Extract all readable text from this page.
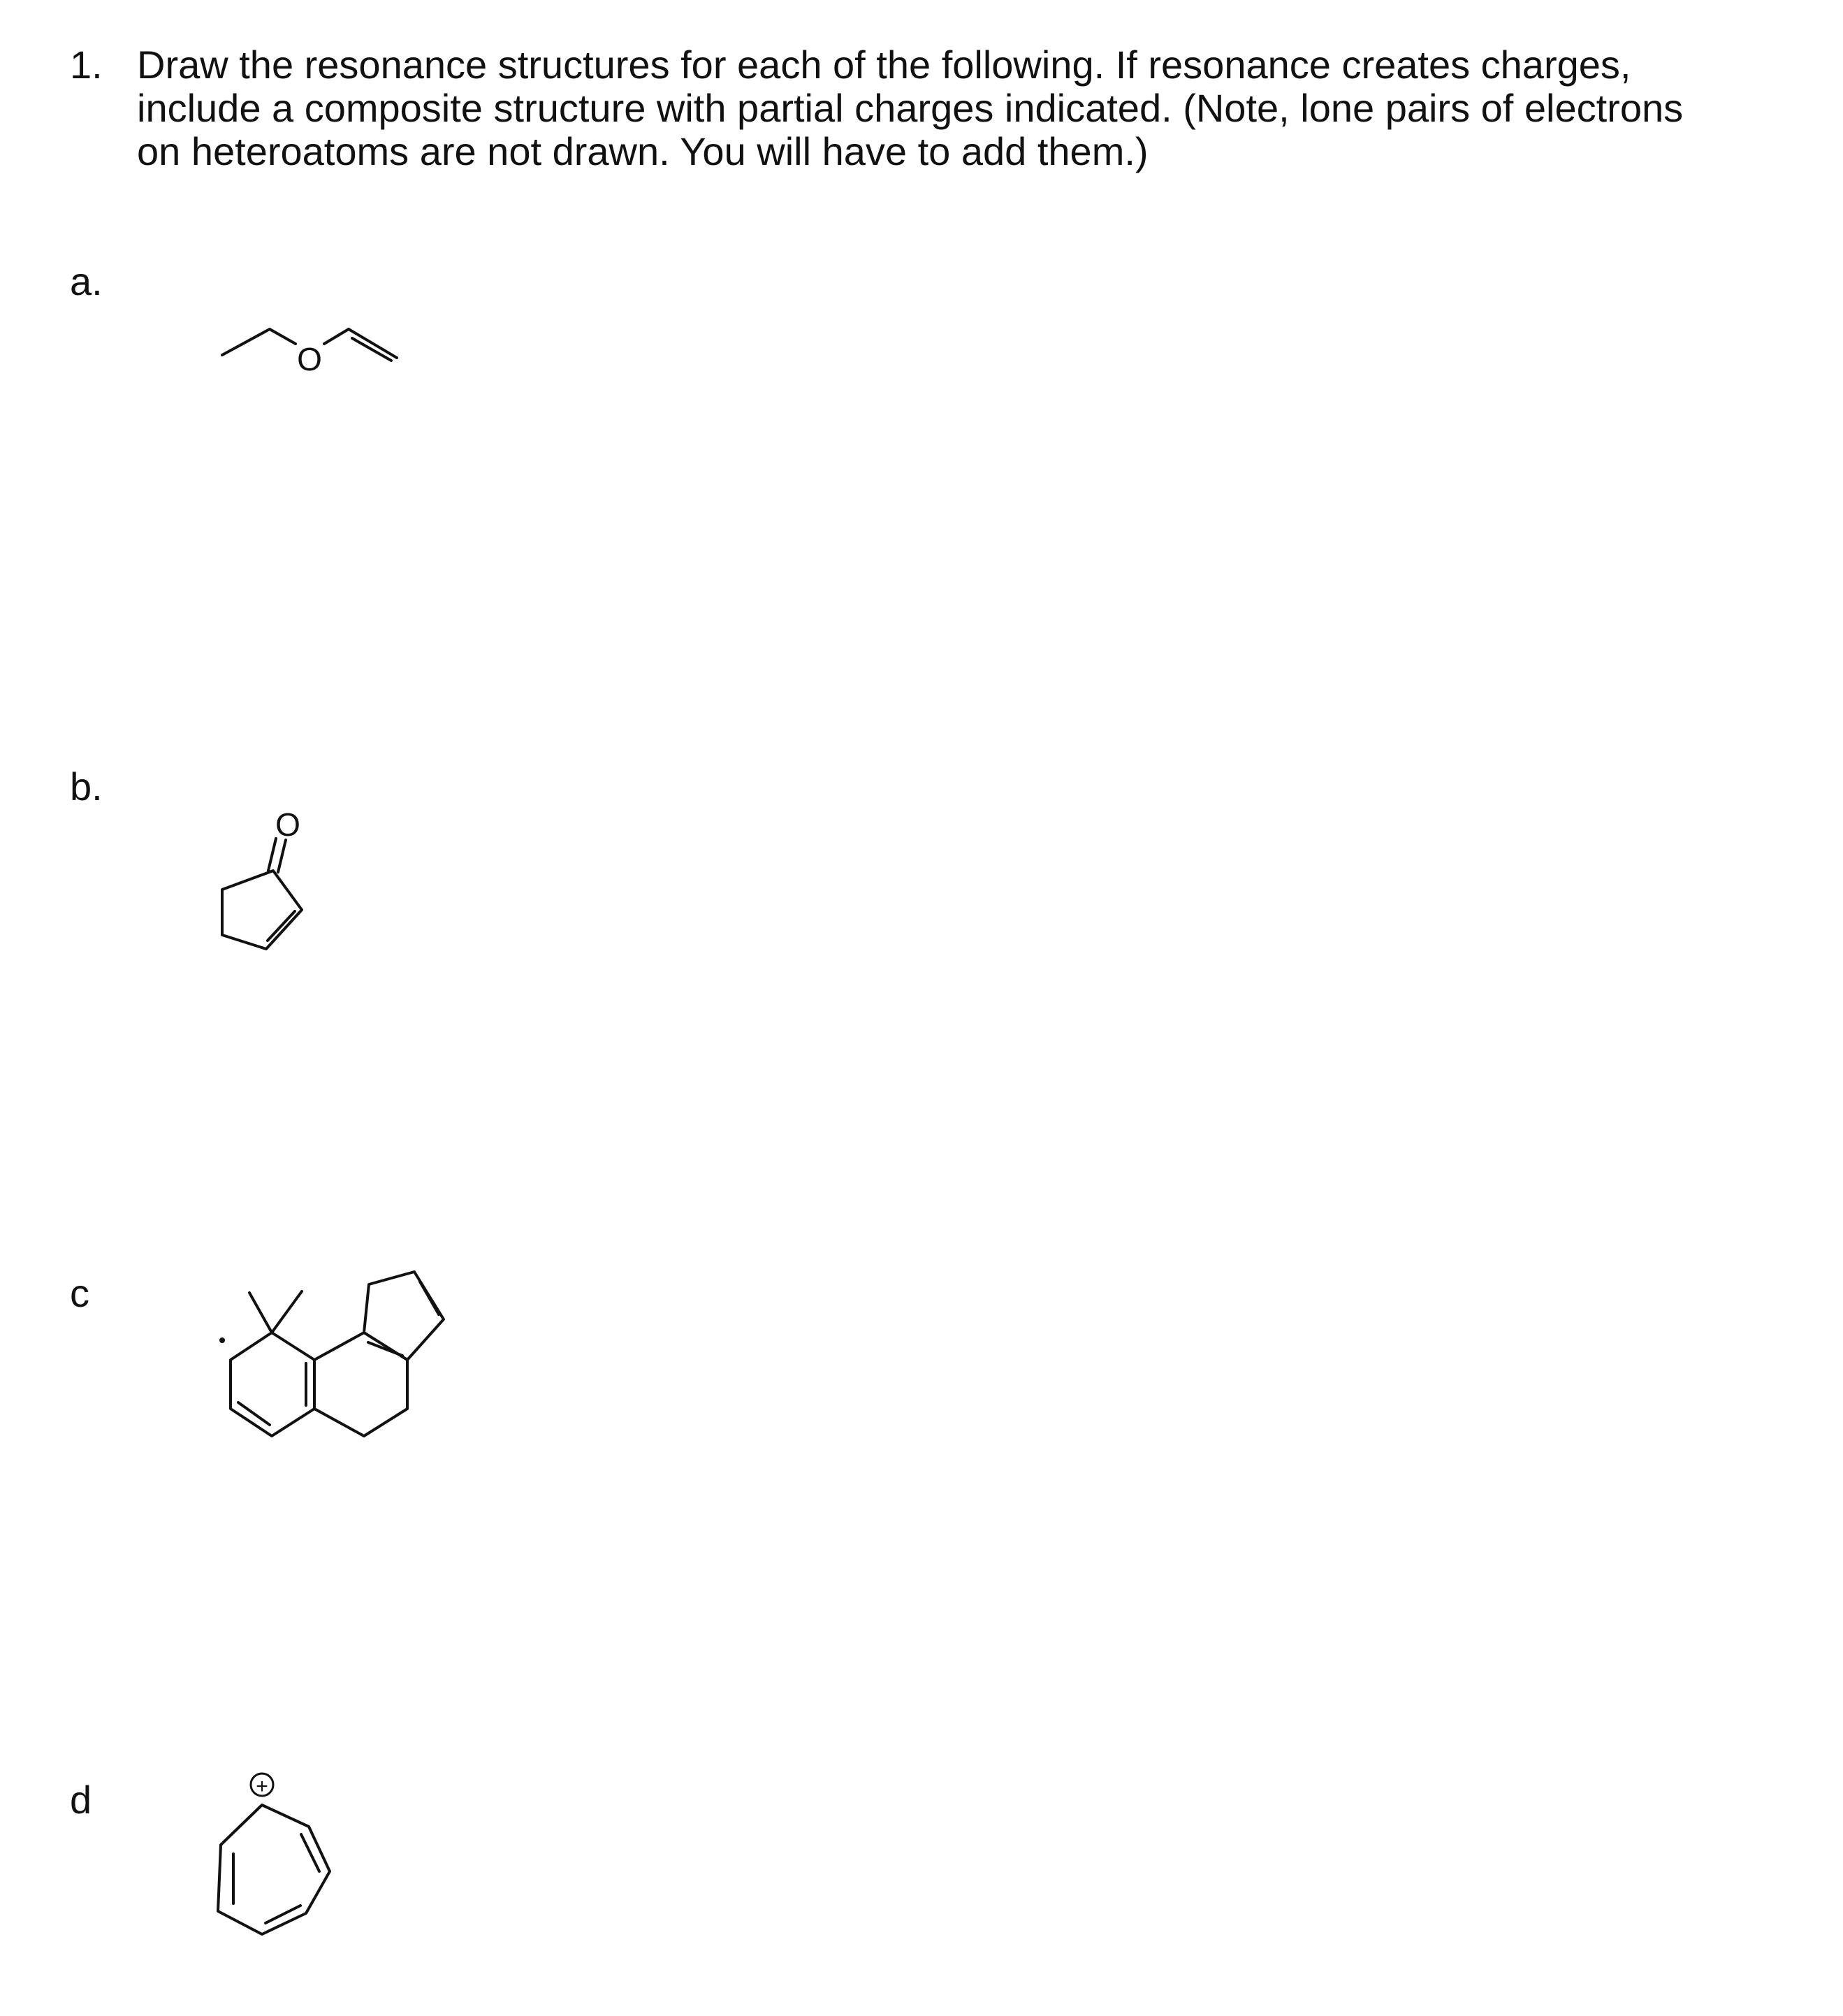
1. Draw the resonance structures for each of the following. If resonance creates charges,
include a composite structure with partial charges indicated. (Note, lone pairs of electrons
on heteroatoms are not drawn. You will have to add them.)
a.
b.
c
d
O
O
+
